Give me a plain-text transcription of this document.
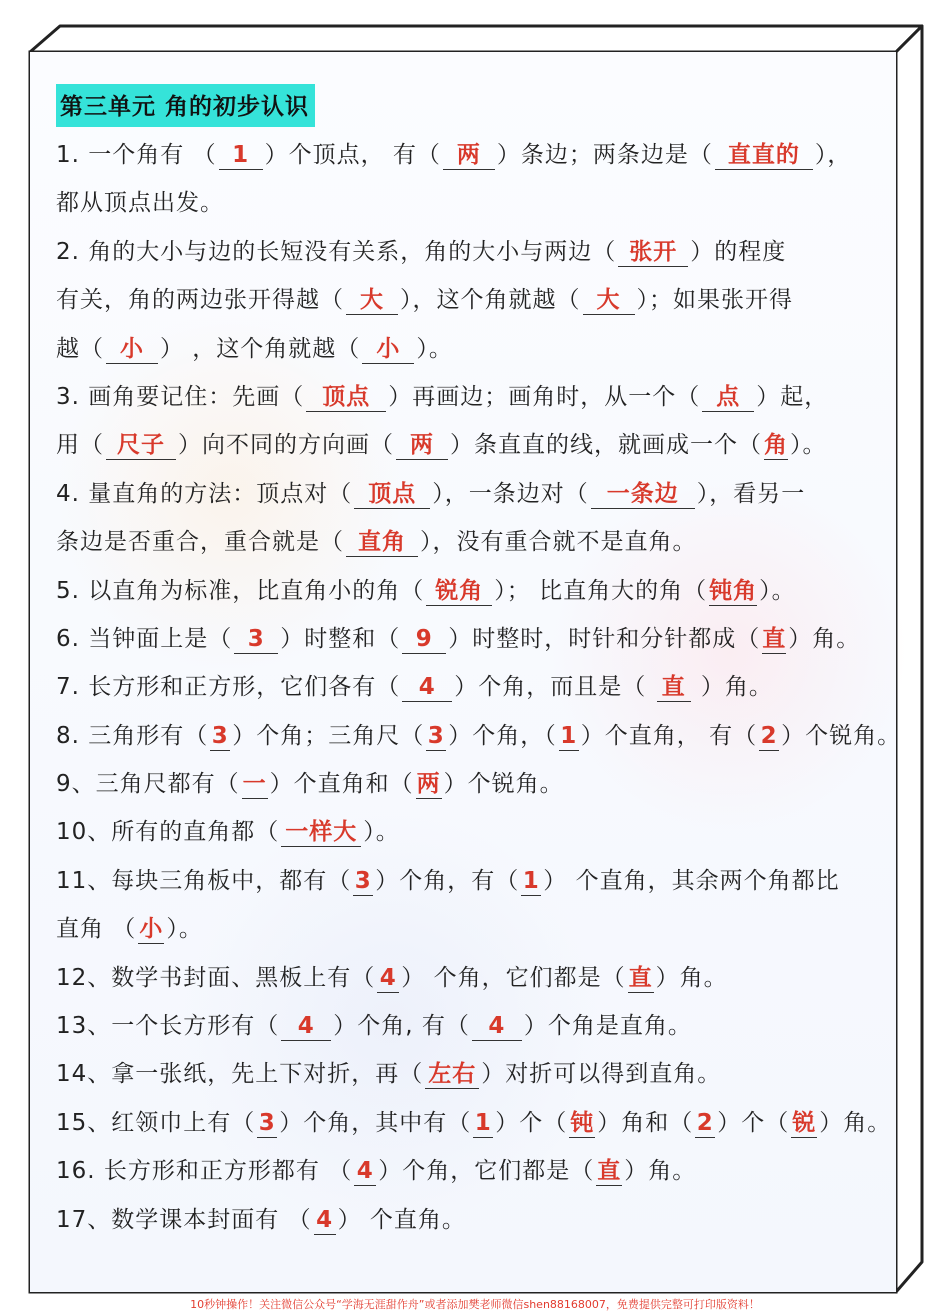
第三单元 角的初步认识
1. 一个角有 （ 1 ）个顶点， 有（ 两 ）条边；两条边是（ 直直的 ），
都从顶点出发。
2. 角的大小与边的长短没有关系，角的大小与两边（ 张开 ）的程度
有关，角的两边张开得越（ 大 ），这个角就越（ 大 ）；如果张开得
越（ 小 ） ，这个角就越（ 小 ）。
3. 画角要记住：先画（ 顶点 ）再画边；画角时，从一个（ 点 ）起，
用（ 尺子 ）向不同的方向画（ 两 ）条直直的线，就画成一个（角）。
4. 量直角的方法：顶点对（ 顶点 ），一条边对（ 一条边 ），看另一
条边是否重合，重合就是（ 直角 ），没有重合就不是直角。
5. 以直角为标准，比直角小的角（ 锐角 ）； 比直角大的角（钝角）。
6. 当钟面上是（ 3 ）时整和（ 9 ）时整时，时针和分针都成（直）角。
7. 长方形和正方形，它们各有（ 4 ）个角，而且是（ 直 ）角。
8. 三角形有（ 3 ）个角；三角尺（ 3 ）个角，（ 1 ）个直角， 有（ 2 ）个锐角。
9、三角尺都有（ 一 ）个直角和（ 两 ）个锐角。
10、所有的直角都（ 一样大 ）。
11、每块三角板中，都有（ 3 ）个角，有（ 1 ） 个直角，其余两个角都比
直角 （ 小 ）。
12、数学书封面、黑板上有（ 4 ） 个角，它们都是（ 直 ）角。
13、一个长方形有（ 4 ）个角, 有（ 4 ）个角是直角。
14、拿一张纸，先上下对折，再（ 左右 ）对折可以得到直角。
15、红领巾上有（ 3 ）个角，其中有（ 1 ）个（ 钝 ）角和（ 2 ）个（ 锐 ）角。
16. 长方形和正方形都有 （ 4 ）个角，它们都是（ 直 ）角。
17、数学课本封面有 （ 4 ） 个直角。
10秒钟操作！关注微信公众号“学海无涯甜作舟”或者添加樊老师微信shen88168007，免费提供完整可打印版资料！
